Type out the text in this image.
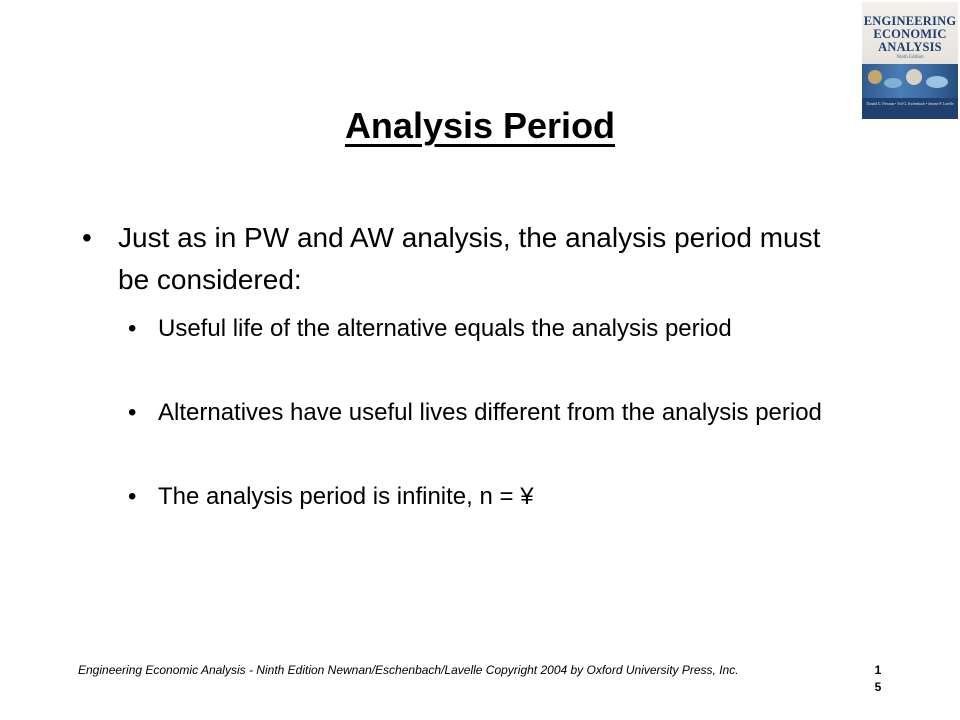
ENGINEERING
ECONOMIC
ANALYSIS
Ninth Edition
Donald G. Newnan • Ted G. Eschenbach • Jerome P. Lavelle
Analysis Period
• Just as in PW and AW analysis, the analysis period must be considered:
• Useful life of the alternative equals the analysis period
• Alternatives have useful lives different from the analysis period
• The analysis period is infinite, n = ¥
Engineering Economic Analysis - Ninth Edition Newnan/Eschenbach/Lavelle Copyright 2004 by Oxford University Press, Inc.	1
5
